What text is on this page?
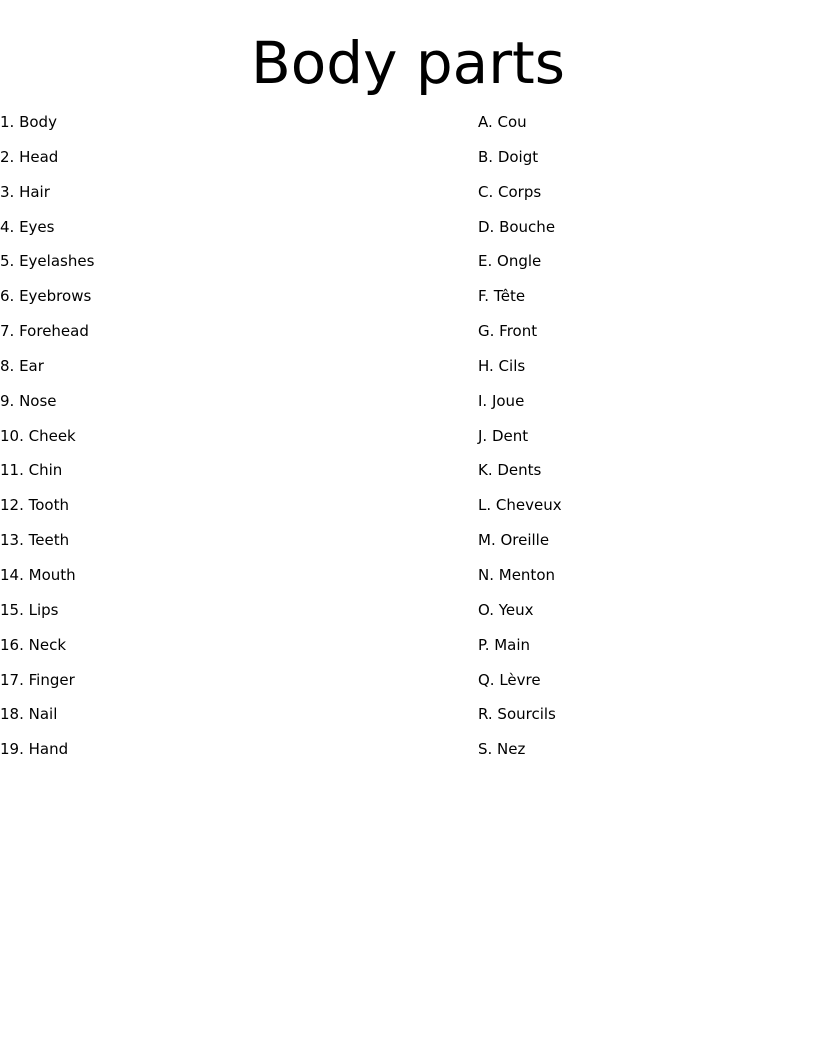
Body parts
1. Body
2. Head
3. Hair
4. Eyes
5. Eyelashes
6. Eyebrows
7. Forehead
8. Ear
9. Nose
10. Cheek
11. Chin
12. Tooth
13. Teeth
14. Mouth
15. Lips
16. Neck
17. Finger
18. Nail
19. Hand
A. Cou
B. Doigt
C. Corps
D. Bouche
E. Ongle
F. Tête
G. Front
H. Cils
I. Joue
J. Dent
K. Dents
L. Cheveux
M. Oreille
N. Menton
O. Yeux
P. Main
Q. Lèvre
R. Sourcils
S. Nez
